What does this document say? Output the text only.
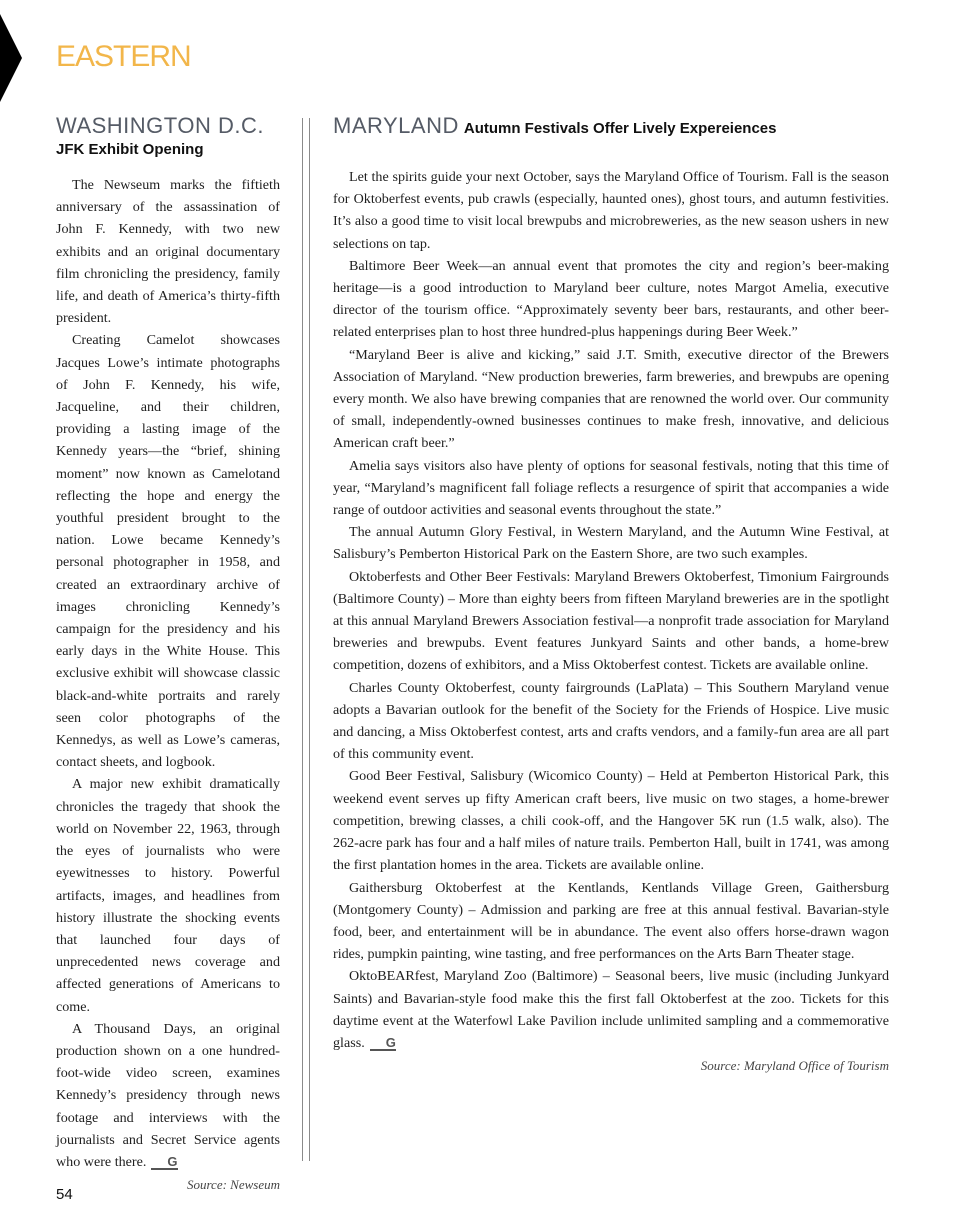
EASTERN
WASHINGTON D.C.
JFK Exhibit Opening

The Newseum marks the fiftieth anniversary of the assassination of John F. Kennedy, with two new exhibits and an original documentary film chronicling the presidency, family life, and death of America’s thirty-fifth president.

Creating Camelot showcases Jacques Lowe’s intimate photographs of John F. Kennedy, his wife, Jacqueline, and their children, providing a lasting image of the Kennedy years—the “brief, shining moment” now known as Camelotand reflecting the hope and energy the youthful president brought to the nation. Lowe became Kennedy’s personal photographer in 1958, and created an extraordinary archive of images chronicling Kennedy’s campaign for the presidency and his early days in the White House. This exclusive exhibit will showcase classic black-and-white portraits and rarely seen color photographs of the Kennedys, as well as Lowe’s cameras, contact sheets, and logbook.

A major new exhibit dramatically chronicles the tragedy that shook the world on November 22, 1963, through the eyes of journalists who were eyewitnesses to history. Powerful artifacts, images, and headlines from history illustrate the shocking events that launched four days of unprecedented news coverage and affected generations of Americans to come.

A Thousand Days, an original production shown on a one hundred-foot-wide video screen, examines Kennedy’s presidency through news footage and interviews with the journalists and Secret Service agents who were there. G

Source: Newseum
MARYLAND Autumn Festivals Offer Lively Expereiences

Let the spirits guide your next October, says the Maryland Office of Tourism. Fall is the season for Oktoberfest events, pub crawls (especially, haunted ones), ghost tours, and autumn festivities. It’s also a good time to visit local brewpubs and microbreweries, as the new season ushers in new selections on tap.

Baltimore Beer Week—an annual event that promotes the city and region’s beer-making heritage—is a good introduction to Maryland beer culture, notes Margot Amelia, executive director of the tourism office. “Approximately seventy beer bars, restaurants, and other beer-related enterprises plan to host three hundred-plus happenings during Beer Week.”

“Maryland Beer is alive and kicking,” said J.T. Smith, executive director of the Brewers Association of Maryland. “New production breweries, farm breweries, and brewpubs are opening every month. We also have brewing companies that are renowned the world over. Our community of small, independently-owned businesses continues to make fresh, innovative, and delicious American craft beer.”

Amelia says visitors also have plenty of options for seasonal festivals, noting that this time of year, “Maryland’s magnificent fall foliage reflects a resurgence of spirit that accompanies a wide range of outdoor activities and seasonal events throughout the state.”

The annual Autumn Glory Festival, in Western Maryland, and the Autumn Wine Festival, at Salisbury’s Pemberton Historical Park on the Eastern Shore, are two such examples.

Oktoberfests and Other Beer Festivals: Maryland Brewers Oktoberfest, Timonium Fairgrounds (Baltimore County) – More than eighty beers from fifteen Maryland breweries are in the spotlight at this annual Maryland Brewers Association festival—a nonprofit trade association for Maryland breweries and brewpubs. Event features Junkyard Saints and other bands, a home-brew competition, dozens of exhibitors, and a Miss Oktoberfest contest. Tickets are available online.

Charles County Oktoberfest, county fairgrounds (LaPlata) – This Southern Maryland venue adopts a Bavarian outlook for the benefit of the Society for the Friends of Hospice. Live music and dancing, a Miss Oktoberfest contest, arts and crafts vendors, and a family-fun area are all part of this community event.

Good Beer Festival, Salisbury (Wicomico County) – Held at Pemberton Historical Park, this weekend event serves up fifty American craft beers, live music on two stages, a home-brewer competition, brewing classes, a chili cook-off, and the Hangover 5K run (1.5 walk, also). The 262-acre park has four and a half miles of nature trails. Pemberton Hall, built in 1741, was among the first plantation homes in the area. Tickets are available online.

Gaithersburg Oktoberfest at the Kentlands, Kentlands Village Green, Gaithersburg (Montgomery County) – Admission and parking are free at this annual festival. Bavarian-style food, beer, and entertainment will be in abundance. The event also offers horse-drawn wagon rides, pumpkin painting, wine tasting, and free performances on the Arts Barn Theater stage.

OktoBEARfest, Maryland Zoo (Baltimore) – Seasonal beers, live music (including Junkyard Saints) and Bavarian-style food make this the first fall Oktoberfest at the zoo. Tickets for this daytime event at the Waterfowl Lake Pavilion include unlimited sampling and a commemorative glass. G

Source: Maryland Office of Tourism
54
